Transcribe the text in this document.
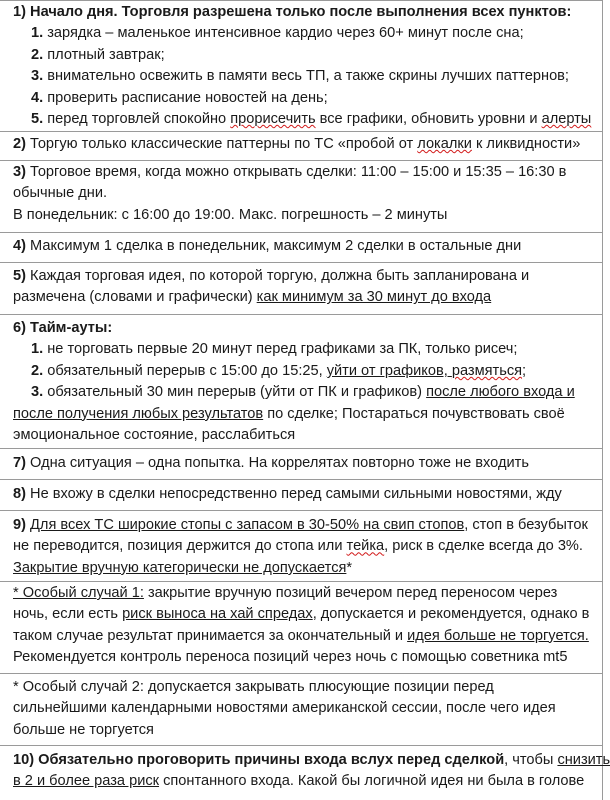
1) Начало дня. Торговля разрешена только после выполнения всех пунктов:
1. зарядка – маленькое интенсивное кардио через 60+ минут после сна;
2. плотный завтрак;
3. внимательно освежить в памяти весь ТП, а также скрины лучших паттернов;
4. проверить расписание новостей на день;
5. перед торговлей спокойно прорисечить все графики, обновить уровни и алерты
2) Торгую только классические паттерны по ТС «пробой от локалки к ликвидности»
3) Торговое время, когда можно открывать сделки: 11:00 – 15:00 и 15:35 – 16:30 в
обычные дни.
В понедельник: с 16:00 до 19:00. Макс. погрешность – 2 минуты
4) Максимум 1 сделка в понедельник, максимум 2 сделки в остальные дни
5) Каждая торговая идея, по которой торгую, должна быть запланирована и
размечена (словами и графически) как минимум за 30 минут до входа
6) Тайм-ауты:
1. не торговать первые 20 минут перед графиками за ПК, только рисеч;
2. обязательный перерыв с 15:00 до 15:25, уйти от графиков, размяться;
3. обязательный 30 мин перерыв (уйти от ПК и графиков) после любого входа и
после получения любых результатов по сделке; Постараться почувствовать своё
эмоциональное состояние, расслабиться
7) Одна ситуация – одна попытка. На коррелятах повторно тоже не входить
8) Не вхожу в сделки непосредственно перед самыми сильными новостями, жду
9) Для всех ТС широкие стопы с запасом в 30-50% на свип стопов, стоп в безубыток
не переводится, позиция держится до стопа или тейка, риск в сделке всегда до 3%.
Закрытие вручную категорически не допускается*
* Особый случай 1: закрытие вручную позиций вечером перед переносом через
ночь, если есть риск выноса на хай спредах, допускается и рекомендуется, однако в
таком случае результат принимается за окончательный и идея больше не торгуется.
Рекомендуется контроль переноса позиций через ночь с помощью советника mt5
* Особый случай 2: допускается закрывать плюсующие позиции перед
сильнейшими календарными новостями американской сессии, после чего идея
больше не торгуется
10) Обязательно проговорить причины входа вслух перед сделкой, чтобы снизить
в 2 и более раза риск спонтанного входа. Какой бы логичной идея ни была в голове
